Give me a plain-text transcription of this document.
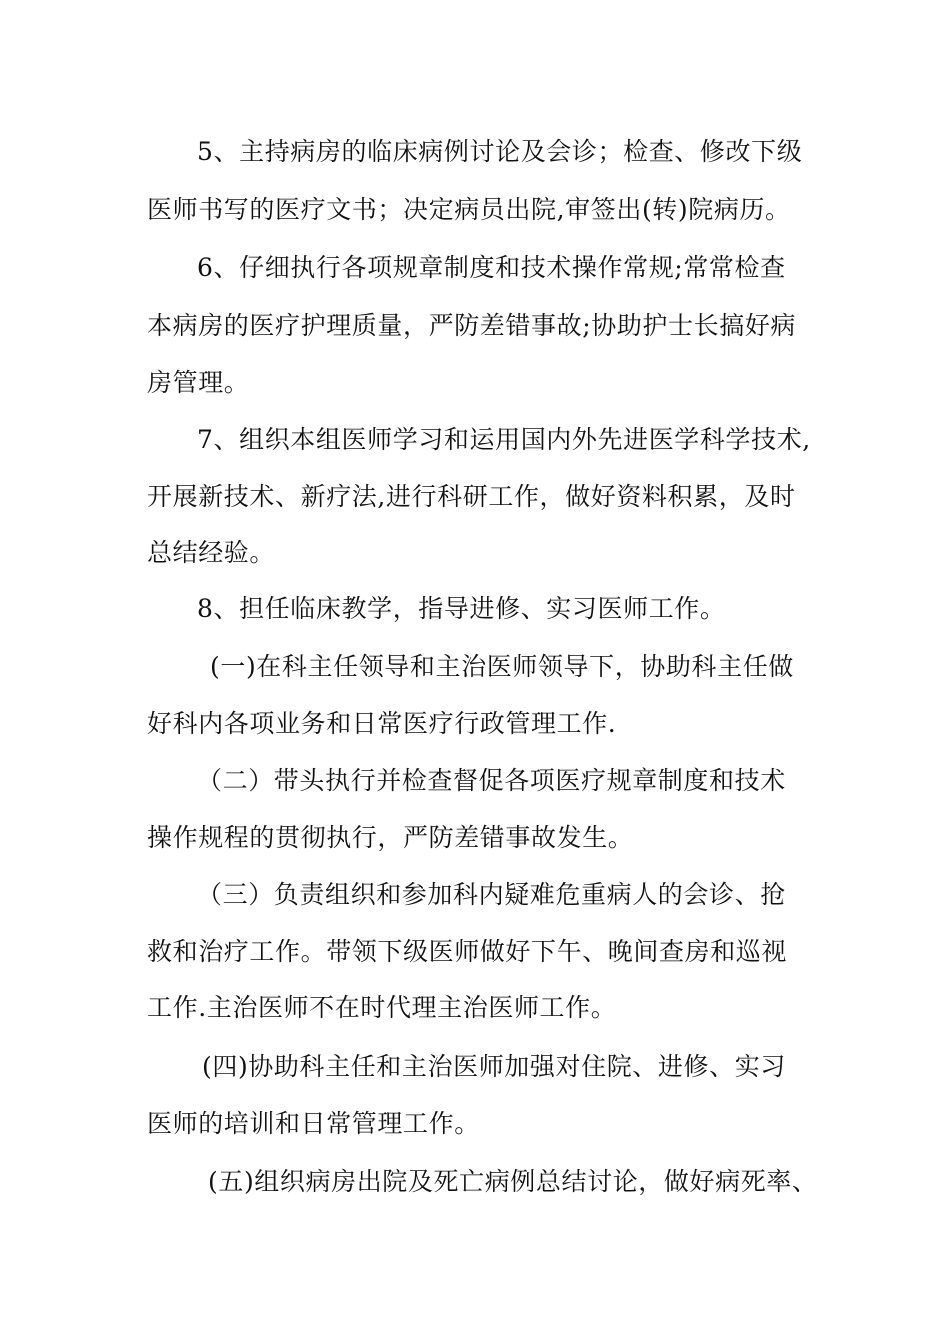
5、主持病房的临床病例讨论及会诊；检查、修改下级
医师书写的医疗文书；决定病员出院,审签出(转)院病历。
6、仔细执行各项规章制度和技术操作常规;常常检查
本病房的医疗护理质量，严防差错事故;协助护士长搞好病
房管理。
7、组织本组医师学习和运用国内外先进医学科学技术,
开展新技术、新疗法,进行科研工作，做好资料积累，及时
总结经验。
8、担任临床教学，指导进修、实习医师工作。
(一)在科主任领导和主治医师领导下，协助科主任做
好科内各项业务和日常医疗行政管理工作.
（二）带头执行并检查督促各项医疗规章制度和技术
操作规程的贯彻执行，严防差错事故发生。
（三）负责组织和参加科内疑难危重病人的会诊、抢
救和治疗工作。带领下级医师做好下午、晚间查房和巡视
工作.主治医师不在时代理主治医师工作。
(四)协助科主任和主治医师加强对住院、进修、实习
医师的培训和日常管理工作。
(五)组织病房出院及死亡病例总结讨论，做好病死率、
